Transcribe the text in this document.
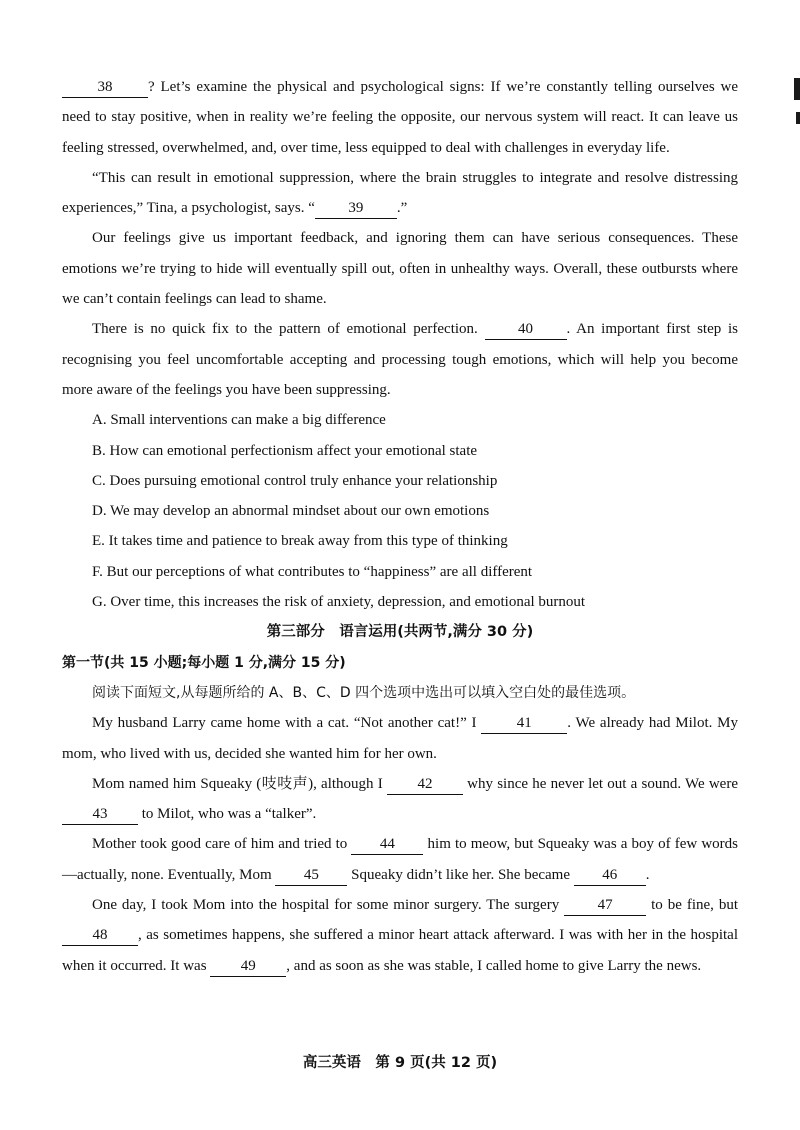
38 ? Let’s examine the physical and psychological signs: If we’re constantly telling ourselves we need to stay positive, when in reality we’re feeling the opposite, our nervous system will react. It can leave us feeling stressed, overwhelmed, and, over time, less equipped to deal with challenges in everyday life.

“This can result in emotional suppression, where the brain struggles to integrate and resolve distressing experiences,” Tina, a psychologist, says. “ 39 .”

Our feelings give us important feedback, and ignoring them can have serious consequences. These emotions we’re trying to hide will eventually spill out, often in unhealthy ways. Overall, these outbursts where we can’t contain feelings can lead to shame.

There is no quick fix to the pattern of emotional perfection.	40 . An important first step is recognising you feel uncomfortable accepting and processing tough emotions, which will help you become more aware of the feelings you have been suppressing.

A. Small interventions can make a big difference

B. How can emotional perfectionism affect your emotional state

C. Does pursuing emotional control truly enhance your relationship

D. We may develop an abnormal mindset about our own emotions

E. It takes time and patience to break away from this type of thinking

F. But our perceptions of what contributes to “happiness” are all different

G. Over time, this increases the risk of anxiety, depression, and emotional burnout

第三部分　语言运用(共两节,满分 30 分)

第一节(共 15 小题;每小题 1 分,满分 15 分)

阅读下面短文,从每题所给的 A、B、C、D 四个选项中选出可以填入空白处的最佳选项。

My husband Larry came home with a cat. “Not another cat!” I	41 . We already had Milot. My mom, who lived with us, decided she wanted him for her own.

Mom named him Squeaky (吱吱声), although I 42 why since he never let out a sound. We were 43 to Milot, who was a “talker”.

Mother took good care of him and tried to 44 him to meow, but Squeaky was a boy of few words—actually, none. Eventually, Mom 45 Squeaky didn’t like her. She became 46 .

One day, I took Mom into the hospital for some minor surgery. The surgery	47	to be fine, but 48 , as sometimes happens, she suffered a minor heart attack afterward. I was with her in the hospital when it occurred. It was 49 , and as soon as she was stable, I called home to give Larry the news.

高三英语　第 9 页(共 12 页)
